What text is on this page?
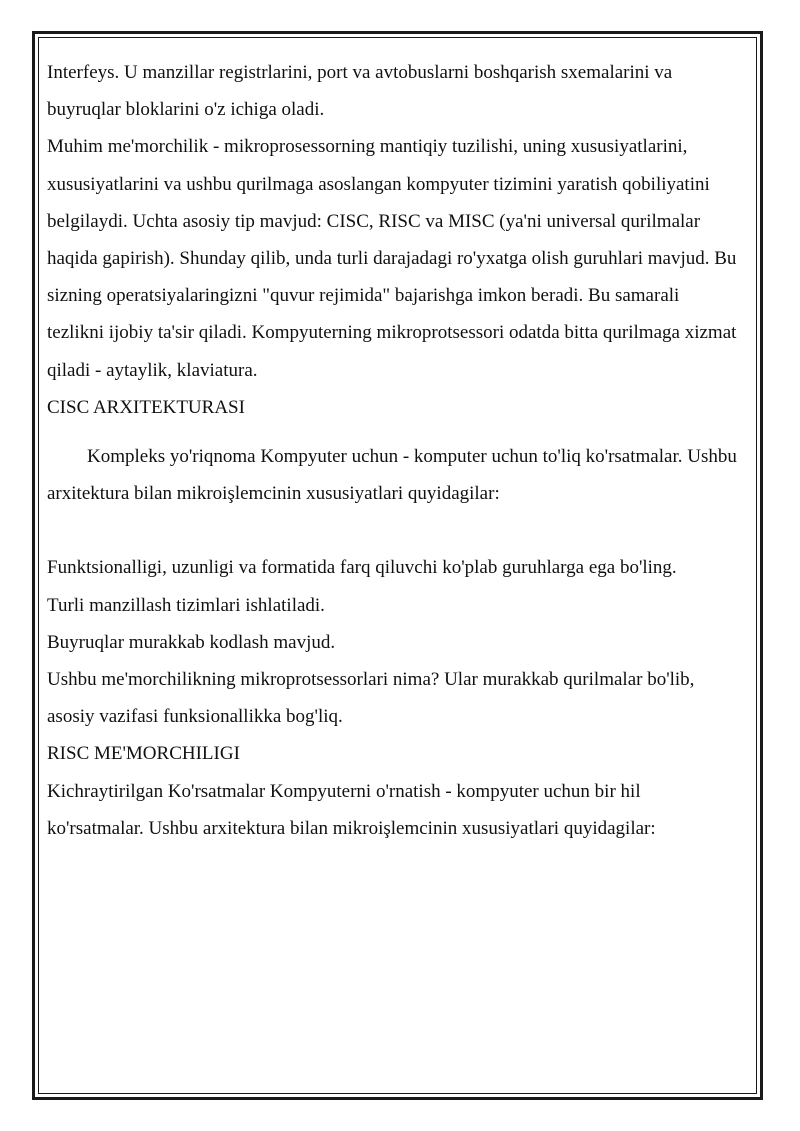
Interfeys. U manzillar registrlarini, port va avtobuslarni boshqarish sxemalarini va buyruqlar bloklarini o'z ichiga oladi.

Muhim me'morchilik - mikroprosessorning mantiqiy tuzilishi, uning xususiyatlarini, xususiyatlarini va ushbu qurilmaga asoslangan kompyuter tizimini yaratish qobiliyatini belgilaydi. Uchta asosiy tip mavjud: CISC, RISC va MISC (ya'ni universal qurilmalar haqida gapirish). Shunday qilib, unda turli darajadagi ro'yxatga olish guruhlari mavjud. Bu sizning operatsiyalaringizni "quvur rejimida" bajarishga imkon beradi. Bu samarali tezlikni ijobiy ta'sir qiladi. Kompyuterning mikroprotsessori odatda bitta qurilmaga xizmat qiladi - aytaylik, klaviatura.

CISC ARXITEKTURASI

Kompleks yo'riqnoma Kompyuter uchun - komputer uchun to'liq ko'rsatmalar. Ushbu arxitektura bilan mikroişlemcinin xususiyatlari quyidagilar:

Funktsionalligi, uzunligi va formatida farq qiluvchi ko'plab guruhlarga ega bo'ling.

Turli manzillash tizimlari ishlatiladi.

Buyruqlar murakkab kodlash mavjud.

Ushbu me'morchilikning mikroprotsessorlari nima? Ular murakkab qurilmalar bo'lib, asosiy vazifasi funksionallikka bog'liq.

RISC ME'MORCHILIGI

Kichraytirilgan Ko'rsatmalar Kompyuterni o'rnatish - kompyuter uchun bir hil ko'rsatmalar. Ushbu arxitektura bilan mikroişlemcinin xususiyatlari quyidagilar:
